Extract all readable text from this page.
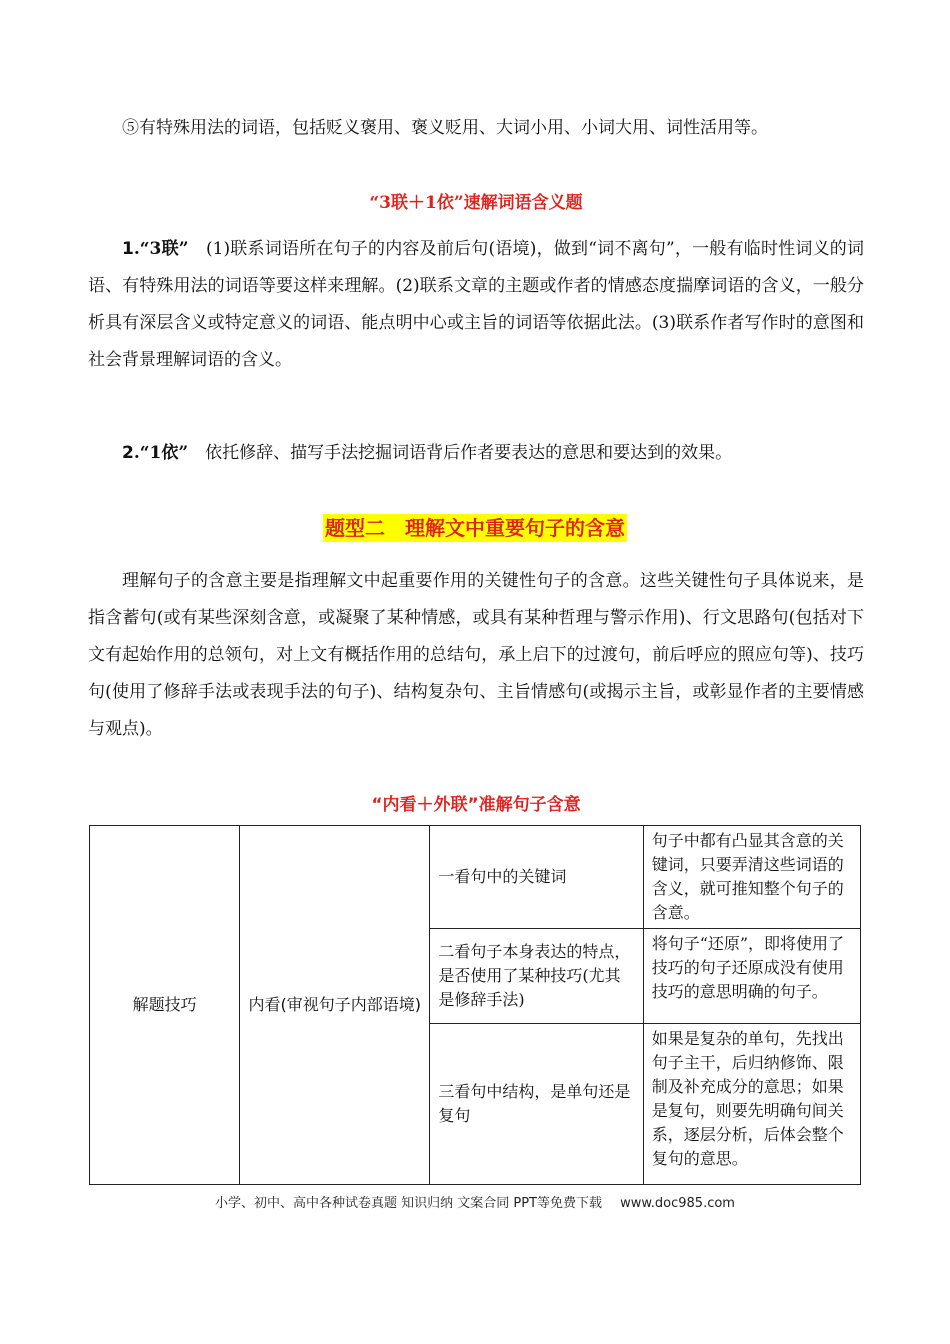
⑤有特殊用法的词语，包括贬义褒用、褒义贬用、大词小用、小词大用、词性活用等。

“3联＋1依”速解词语含义题

1.“3联”　 (1)联系词语所在句子的内容及前后句(语境)，做到“词不离句”，一般有临时性词义的词语、有特殊用法的词语等要这样来理解。(2)联系文章的主题或作者的情感态度揣摩词语的含义，一般分析具有深层含义或特定意义的词语、能点明中心或主旨的词语等依据此法。(3)联系作者写作时的意图和社会背景理解词语的含义。

2.“1依”　 依托修辞、描写手法挖掘词语背后作者要表达的意思和要达到的效果。

题型二　理解文中重要句子的含意

理解句子的含意主要是指理解文中起重要作用的关键性句子的含意。这些关键性句子具体说来，是指含蓄句(或有某些深刻含意，或凝聚了某种情感，或具有某种哲理与警示作用)、行文思路句(包括对下文有起始作用的总领句，对上文有概括作用的总结句，承上启下的过渡句，前后呼应的照应句等)、技巧句(使用了修辞手法或表现手法的句子)、结构复杂句、主旨情感句(或揭示主旨，或彰显作者的主要情感与观点)。

“内看＋外联”准解句子含意

解题技巧	内看(审视句子内部语境)	一看句中的关键词	句子中都有凸显其含意的关键词，只要弄清这些词语的含义，就可推知整个句子的含意。
		二看句子本身表达的特点，是否使用了某种技巧(尤其是修辞手法)	将句子“还原”，即将使用了技巧的句子还原成没有使用技巧的意思明确的句子。
		三看句中结构，是单句还是复句	如果是复杂的单句，先找出句子主干，后归纳修饰、限制及补充成分的意思；如果是复句，则要先明确句间关系，逐层分析，后体会整个复句的意思。
小学、初中、高中各种试卷真题 知识归纳 文案合同 PPT等免费下载 www.doc985.com
